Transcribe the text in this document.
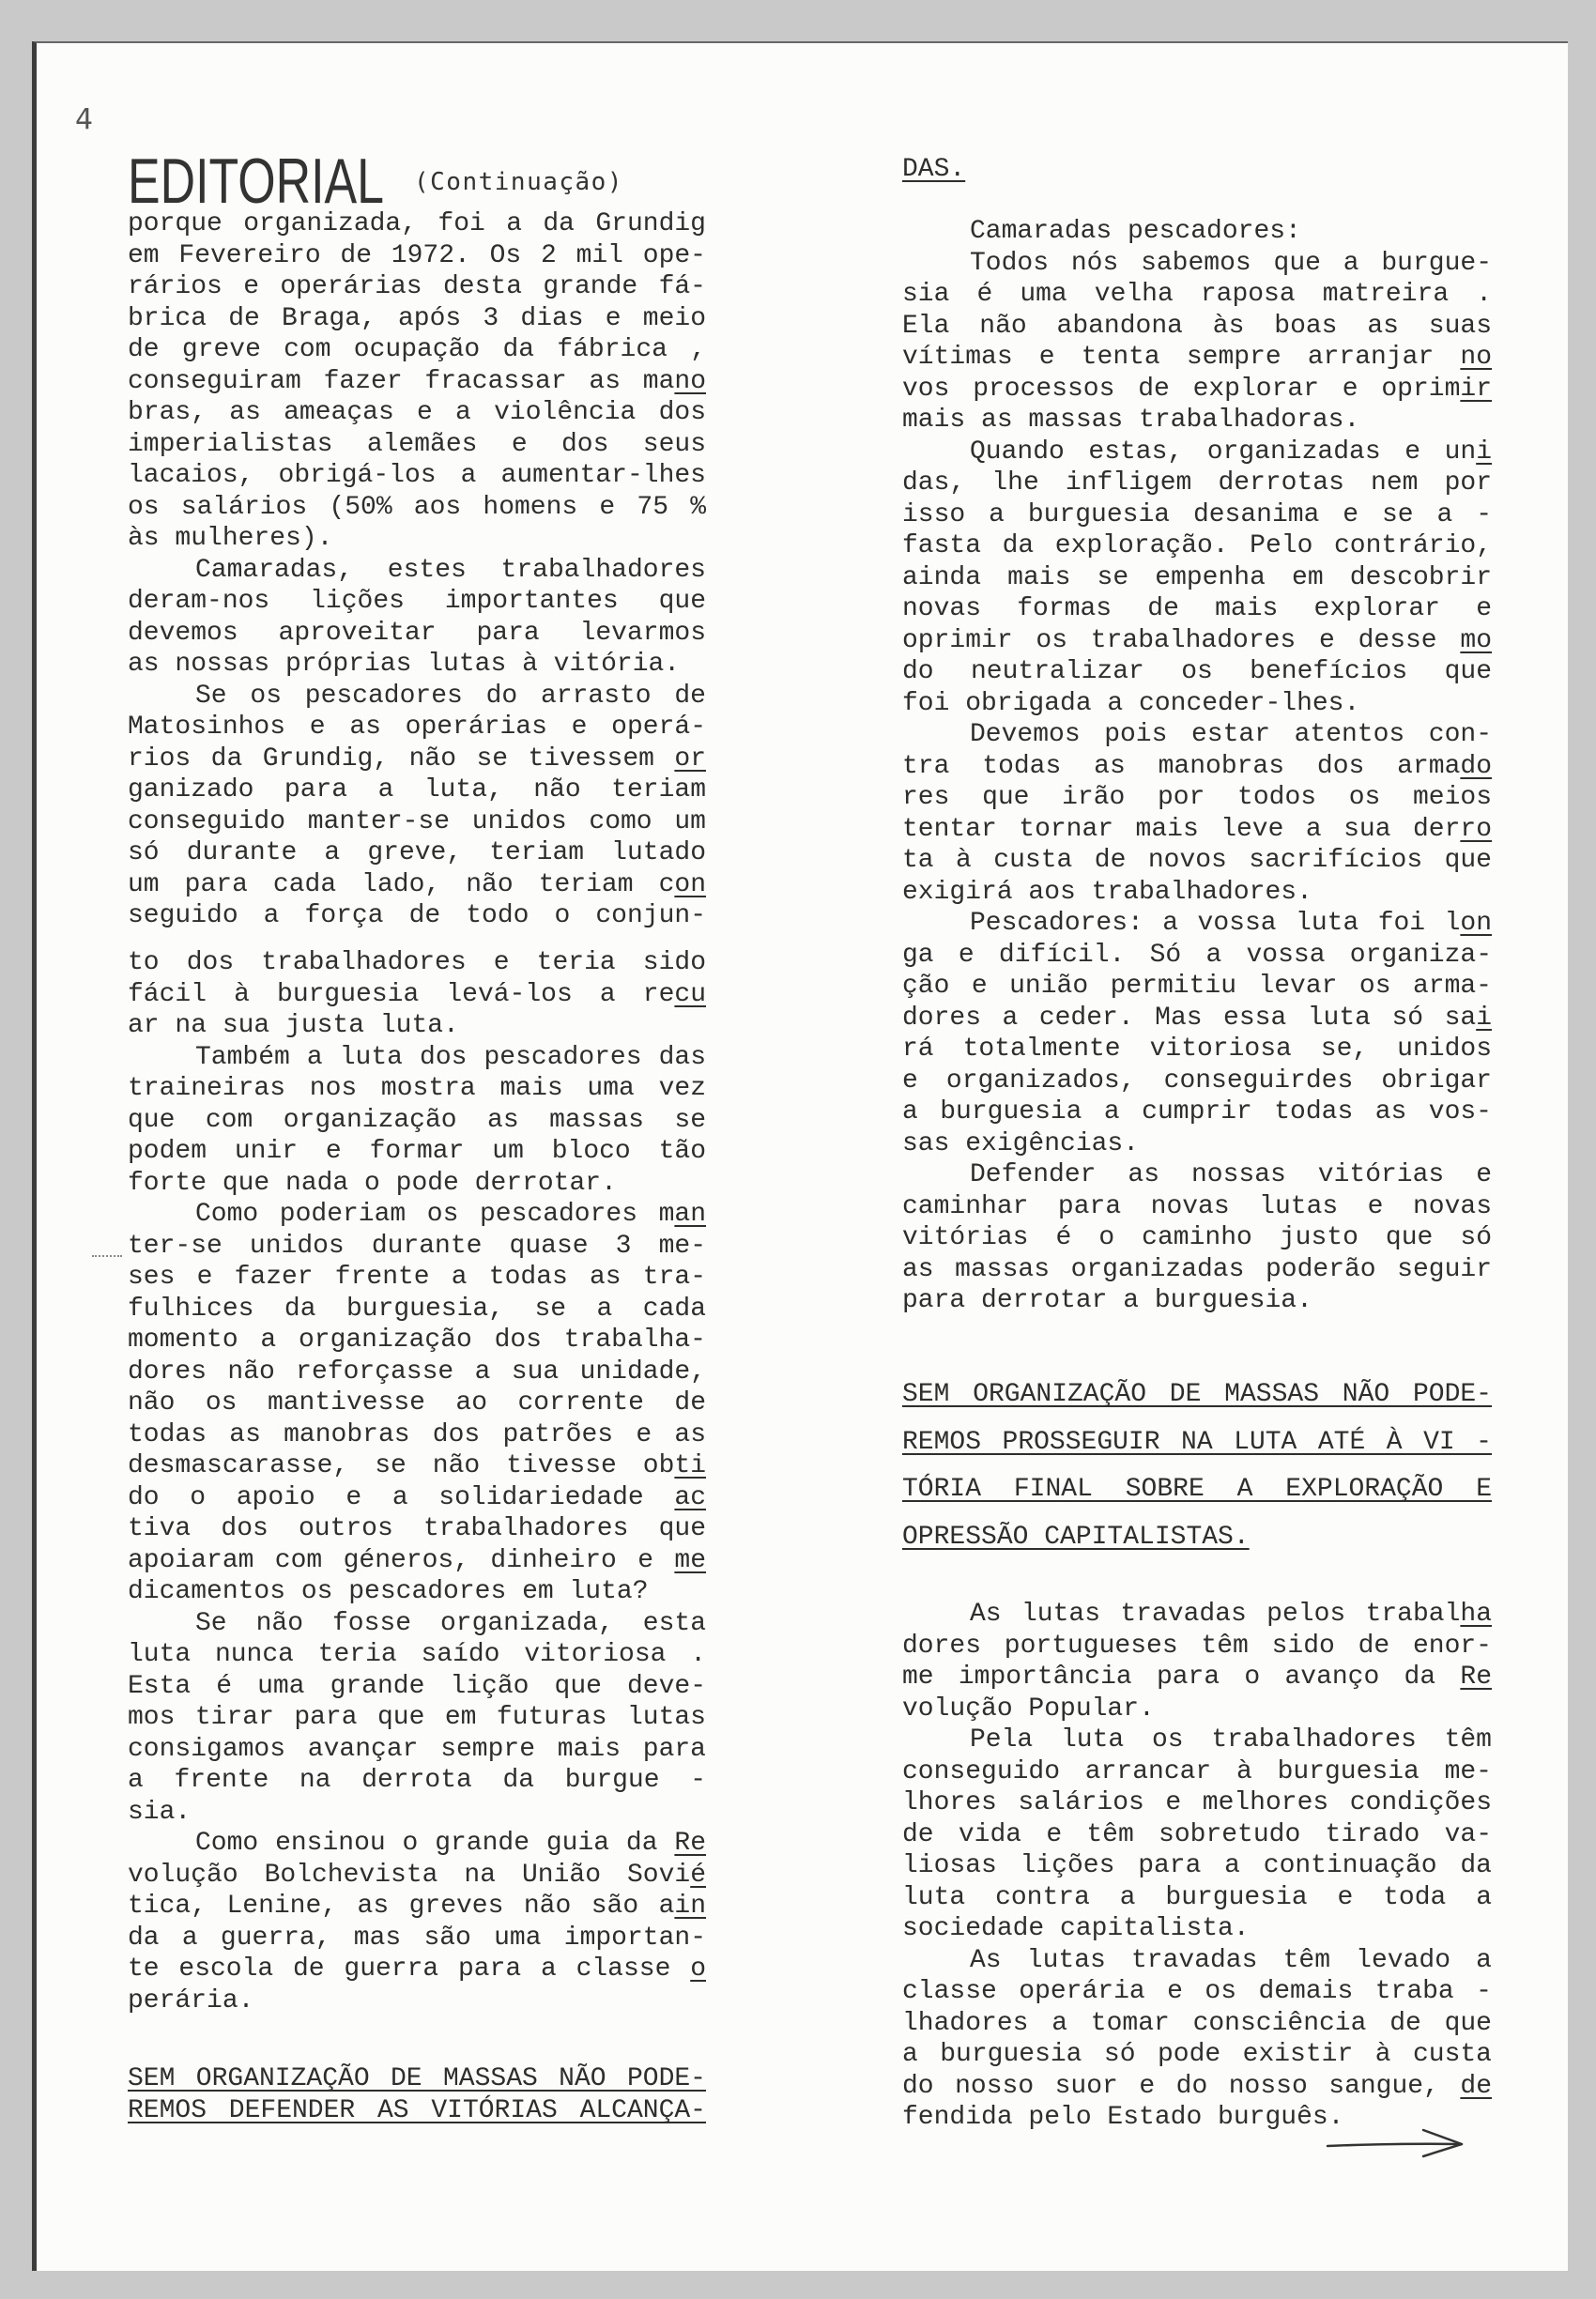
4
EDITORIAL (Continuação)
porque organizada, foi a da Grundig
em Fevereiro de 1972. Os 2 mil ope-
rários e operárias desta grande fá-
brica de Braga, após 3 dias e meio
de greve com ocupação da fábrica ,
conseguiram fazer fracassar as mano
bras, as ameaças e a violência dos
imperialistas alemães e dos seus
lacaios, obrigá-los a aumentar-lhes
os salários (50% aos homens e 75 %
às mulheres).
Camaradas, estes trabalhadores
deram-nos lições importantes que
devemos aproveitar para levarmos
as nossas próprias lutas à vitória.
Se os pescadores do arrasto de
Matosinhos e as operárias e operá-
rios da Grundig, não se tivessem or
ganizado para a luta, não teriam
conseguido manter-se unidos como um
só durante a greve, teriam lutado
um para cada lado, não teriam con
seguido a força de todo o conjun-
to dos trabalhadores e teria sido
fácil à burguesia levá-los a recu
ar na sua justa luta.
Também a luta dos pescadores das
traineiras nos mostra mais uma vez
que com organização as massas se
podem unir e formar um bloco tão
forte que nada o pode derrotar.
Como poderiam os pescadores man
ter-se unidos durante quase 3 me-
ses e fazer frente a todas as tra-
fulhices da burguesia, se a cada
momento a organização dos trabalha-
dores não reforçasse a sua unidade,
não os mantivesse ao corrente de
todas as manobras dos patrões e as
desmascarasse, se não tivesse obti
do o apoio e a solidariedade ac
tiva dos outros trabalhadores que
apoiaram com géneros, dinheiro e me
dicamentos os pescadores em luta?
Se não fosse organizada, esta
luta nunca teria saído vitoriosa .
Esta é uma grande lição que deve-
mos tirar para que em futuras lutas
consigamos avançar sempre mais para
a frente na derrota da burgue -
sia.
Como ensinou o grande guia da Re
volução Bolchevista na União Sovié
tica, Lenine, as greves não são ain
da a guerra, mas são uma importan-
te escola de guerra para a classe o
perária.
SEM ORGANIZAÇÃO DE MASSAS NÃO PODE-
REMOS DEFENDER AS VITÓRIAS ALCANÇA-
DAS.
Camaradas pescadores:
Todos nós sabemos que a burgue-
sia é uma velha raposa matreira .
Ela não abandona às boas as suas
vítimas e tenta sempre arranjar no
vos processos de explorar e oprimir
mais as massas trabalhadoras.
Quando estas, organizadas e uni
das, lhe infligem derrotas nem por
isso a burguesia desanima e se a -
fasta da exploração. Pelo contrário,
ainda mais se empenha em descobrir
novas formas de mais explorar e
oprimir os trabalhadores e desse mo
do neutralizar os benefícios que
foi obrigada a conceder-lhes.
Devemos pois estar atentos con-
tra todas as manobras dos armado
res que irão por todos os meios
tentar tornar mais leve a sua derro
ta à custa de novos sacrifícios que
exigirá aos trabalhadores.
Pescadores: a vossa luta foi lon
ga e difícil. Só a vossa organiza-
ção e união permitiu levar os arma-
dores a ceder. Mas essa luta só sai
rá totalmente vitoriosa se, unidos
e organizados, conseguirdes obrigar
a burguesia a cumprir todas as vos-
sas exigências.
Defender as nossas vitórias e
caminhar para novas lutas e novas
vitórias é o caminho justo que só
as massas organizadas poderão seguir
para derrotar a burguesia.
SEM ORGANIZAÇÃO DE MASSAS NÃO PODE-
REMOS PROSSEGUIR NA LUTA ATÉ À VI -
TÓRIA FINAL SOBRE A EXPLORAÇÃO E
OPRESSÃO CAPITALISTAS.
As lutas travadas pelos trabalha
dores portugueses têm sido de enor-
me importância para o avanço da Re
volução Popular.
Pela luta os trabalhadores têm
conseguido arrancar à burguesia me-
lhores salários e melhores condições
de vida e têm sobretudo tirado va-
liosas lições para a continuação da
luta contra a burguesia e toda a
sociedade capitalista.
As lutas travadas têm levado a
classe operária e os demais traba -
lhadores a tomar consciência de que
a burguesia só pode existir à custa
do nosso suor e do nosso sangue, de
fendida pelo Estado burguês.
